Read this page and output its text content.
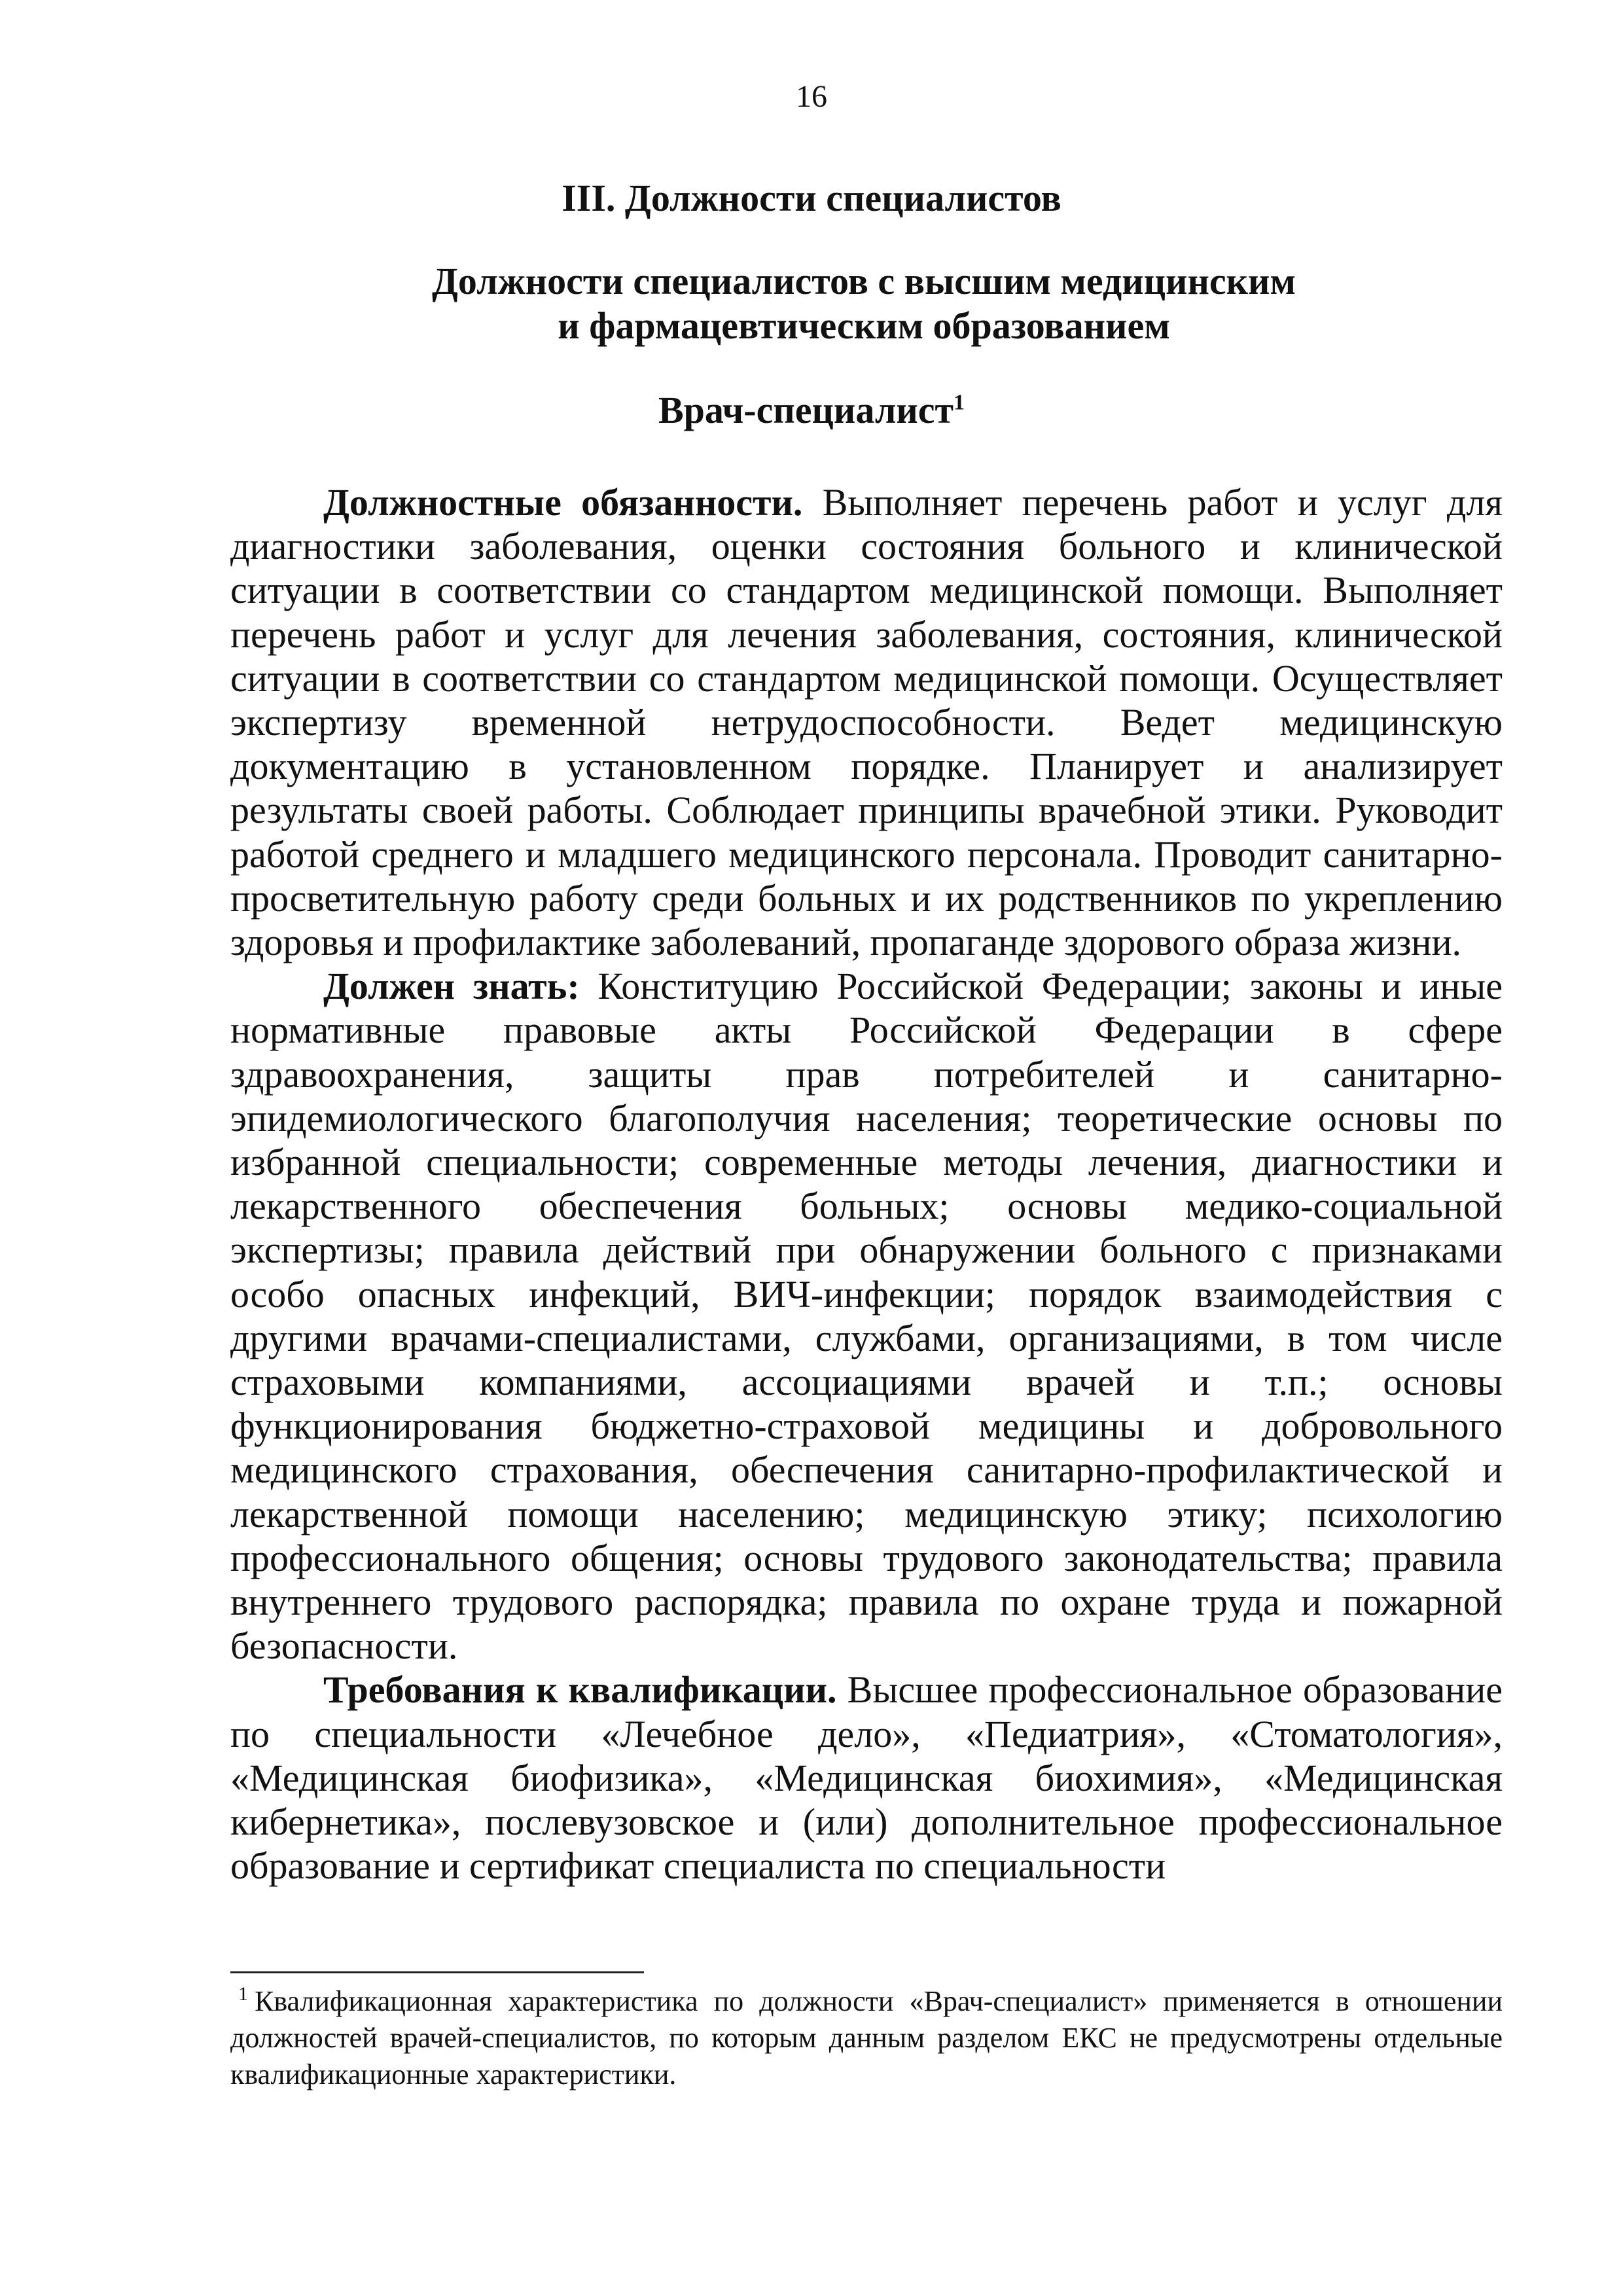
16
III. Должности специалистов
Должности специалистов с высшим медицинским
и фармацевтическим образованием
Врач-специалист$^1$

Должностные обязанности. Выполняет перечень работ и услуг для диагностики заболевания, оценки состояния больного и клинической ситуации в соответствии со стандартом медицинской помощи. Выполняет перечень работ и услуг для лечения заболевания, состояния, клинической ситуации в соответствии со стандартом медицинской помощи. Осуществляет экспертизу временной нетрудоспособности. Ведет медицинскую документацию в установленном порядке. Планирует и анализирует результаты своей работы. Соблюдает принципы врачебной этики. Руководит работой среднего и младшего медицинского персонала. Проводит санитарно-просветительную работу среди больных и их родственников по укреплению здоровья и профилактике заболеваний, пропаганде здорового образа жизни.

Должен знать: Конституцию Российской Федерации; законы и иные нормативные правовые акты Российской Федерации в сфере здравоохранения, защиты прав потребителей и санитарно-эпидемиологического благополучия населения; теоретические основы по избранной специальности; современные методы лечения, диагностики и лекарственного обеспечения больных; основы медико-социальной экспертизы; правила действий при обнаружении больного с признаками особо опасных инфекций, ВИЧ-инфекции; порядок взаимодействия с другими врачами-специалистами, службами, организациями, в том числе страховыми компаниями, ассоциациями врачей и т.п.; основы функционирования бюджетно-страховой медицины и добровольного медицинского страхования, обеспечения санитарно-профилактической и лекарственной помощи населению; медицинскую этику; психологию профессионального общения; основы трудового законодательства; правила внутреннего трудового распорядка; правила по охране труда и пожарной безопасности.

Требования к квалификации. Высшее профессиональное образование по специальности «Лечебное дело», «Педиатрия», «Стоматология», «Медицинская биофизика», «Медицинская биохимия», «Медицинская кибернетика», послевузовское и (или) дополнительное профессиональное образование и сертификат специалиста по специальности

$^1$ Квалификационная характеристика по должности «Врач-специалист» применяется в отношении должностей врачей-специалистов, по которым данным разделом ЕКС не предусмотрены отдельные квалификационные характеристики.
